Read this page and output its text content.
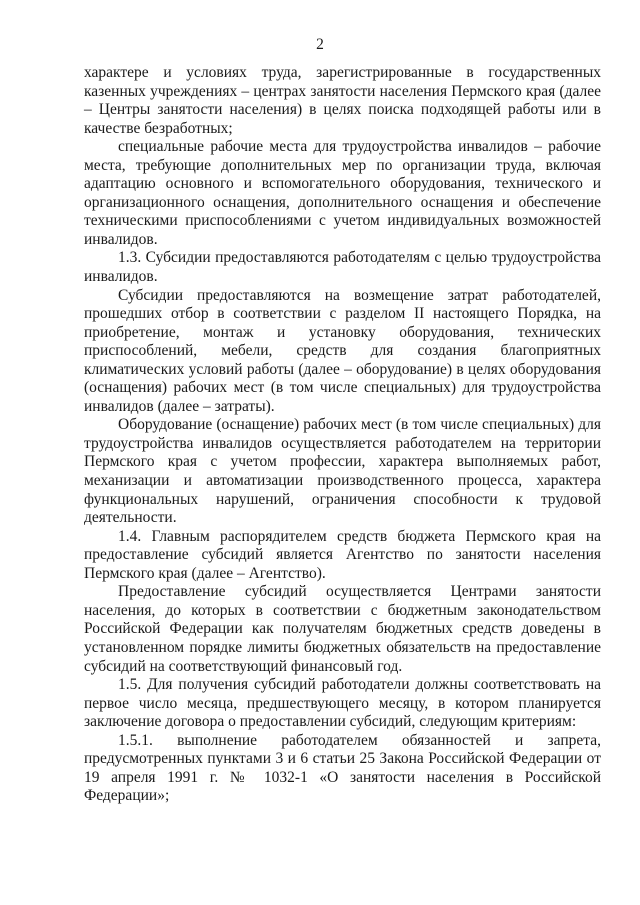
2

характере и условиях труда, зарегистрированные в государственных казенных учреждениях – центрах занятости населения Пермского края (далее – Центры занятости населения) в целях поиска подходящей работы или в качестве безработных;

специальные рабочие места для трудоустройства инвалидов – рабочие места, требующие дополнительных мер по организации труда, включая адаптацию основного и вспомогательного оборудования, технического и организационного оснащения, дополнительного оснащения и обеспечение техническими приспособлениями с учетом индивидуальных возможностей инвалидов.

1.3. Субсидии предоставляются работодателям с целью трудоустройства инвалидов.

Субсидии предоставляются на возмещение затрат работодателей, прошедших отбор в соответствии с разделом II настоящего Порядка, на приобретение, монтаж и установку оборудования, технических приспособлений, мебели, средств для создания благоприятных климатических условий работы (далее – оборудование) в целях оборудования (оснащения) рабочих мест (в том числе специальных) для трудоустройства инвалидов (далее – затраты).

Оборудование (оснащение) рабочих мест (в том числе специальных) для трудоустройства инвалидов осуществляется работодателем на территории Пермского края с учетом профессии, характера выполняемых работ, механизации и автоматизации производственного процесса, характера функциональных нарушений, ограничения способности к трудовой деятельности.

1.4. Главным распорядителем средств бюджета Пермского края на предоставление субсидий является Агентство по занятости населения Пермского края (далее – Агентство).

Предоставление субсидий осуществляется Центрами занятости населения, до которых в соответствии с бюджетным законодательством Российской Федерации как получателям бюджетных средств доведены в установленном порядке лимиты бюджетных обязательств на предоставление субсидий на соответствующий финансовый год.

1.5. Для получения субсидий работодатели должны соответствовать на первое число месяца, предшествующего месяцу, в котором планируется заключение договора о предоставлении субсидий, следующим критериям:

1.5.1. выполнение работодателем обязанностей и запрета, предусмотренных пунктами 3 и 6 статьи 25 Закона Российской Федерации от 19 апреля 1991 г. № 1032-1 «О занятости населения в Российской Федерации»;
